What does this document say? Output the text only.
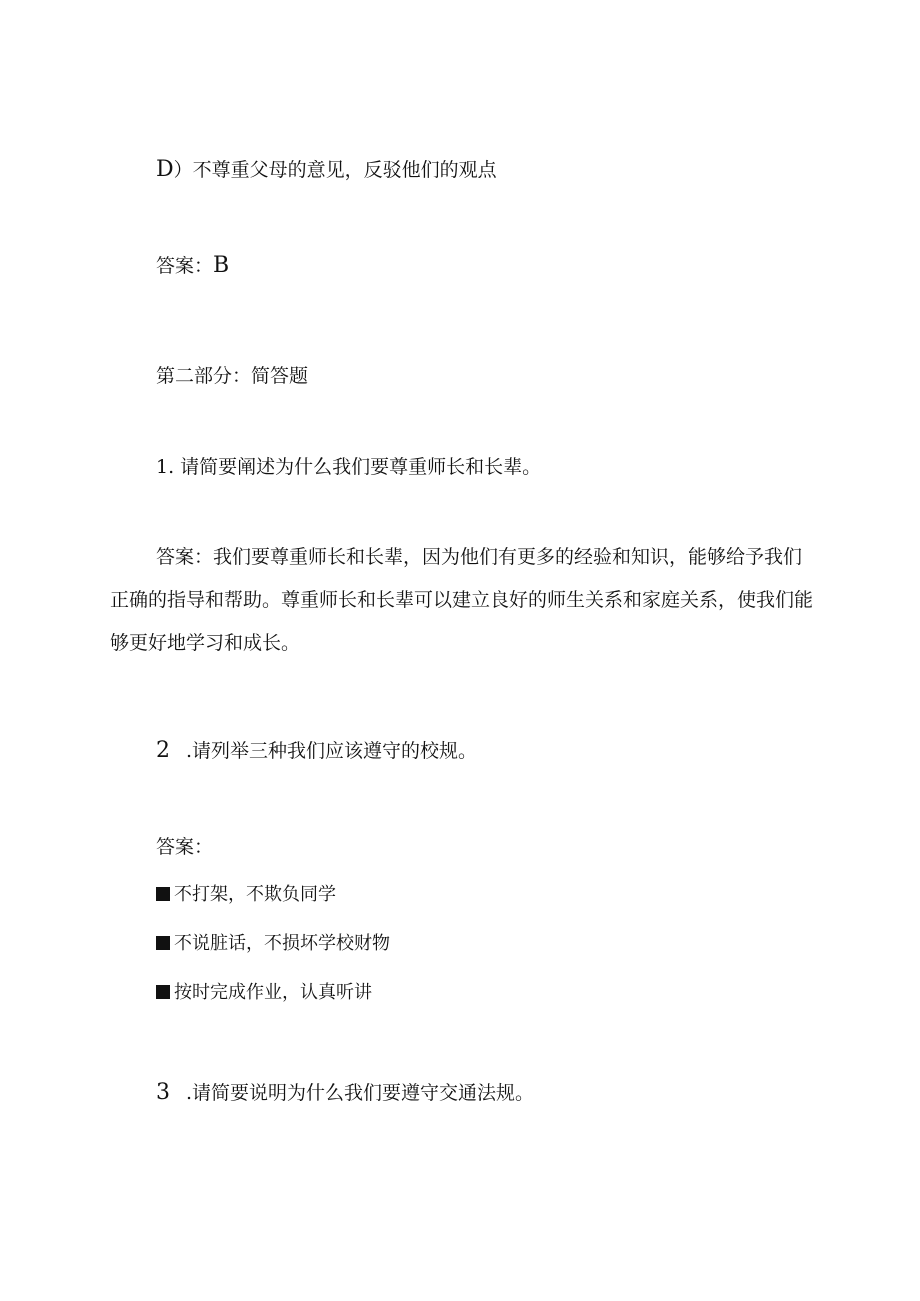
D）不尊重父母的意见，反驳他们的观点
答案：B
第二部分：简答题
1. 请简要阐述为什么我们要尊重师长和长辈。
答案：我们要尊重师长和长辈，因为他们有更多的经验和知识，能够给予我们正确的指导和帮助。尊重师长和长辈可以建立良好的师生关系和家庭关系，使我们能够更好地学习和成长。
2 .请列举三种我们应该遵守的校规。
答案：
不打架，不欺负同学
不说脏话，不损坏学校财物
按时完成作业，认真听讲
3 .请简要说明为什么我们要遵守交通法规。
